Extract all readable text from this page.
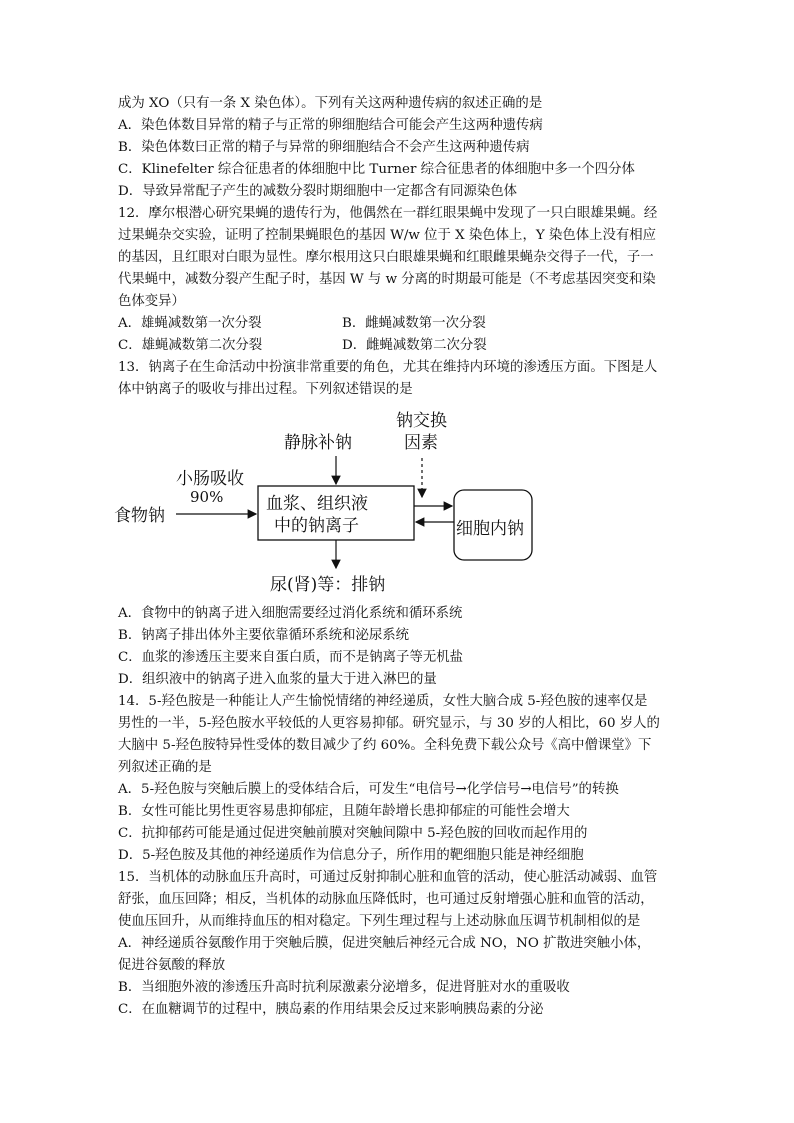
成为 XO（只有一条 X 染色体）。下列有关这两种遗传病的叙述正确的是
A．染色体数目异常的精子与正常的卵细胞结合可能会产生这两种遗传病
B．染色体数曰正常的精子与异常的卵细胞结合不会产生这两种遗传病
C．Klinefelter 综合征患者的体细胞中比 Turner 综合征患者的体细胞中多一个四分体
D．导致异常配子产生的减数分裂时期细胞中一定都含有同源染色体
12．摩尔根潜心研究果蝇的遗传行为，他偶然在一群红眼果蝇中发现了一只白眼雄果蝇。经
过果蝇杂交实验，证明了控制果蝇眼色的基因 W/w 位于 X 染色体上，Y 染色体上没有相应
的基因，且红眼对白眼为显性。摩尔根用这只白眼雄果蝇和红眼雌果蝇杂交得子一代，子一
代果蝇中，减数分裂产生配子时，基因 W 与 w 分离的时期最可能是（不考虑基因突变和染
色体变异）
A．雄蝇减数第一次分裂	B．雌蝇减数第一次分裂
C．雄蝇减数第二次分裂	D．雌蝇减数第二次分裂
13．钠离子在生命活动中扮演非常重要的角色，尤其在维持内环境的渗透压方面。下图是人
体中钠离子的吸收与排出过程。下列叙述错误的是
静脉补钠
钠交换
因素
小肠吸收
90%
食物钠
血浆、组织液
中的钠离子	细胞内钠
尿(肾)等：排钠
A．食物中的钠离子进入细胞需要经过消化系统和循环系统
B．钠离子排出体外主要依靠循环系统和泌尿系统
C．血浆的渗透压主要来自蛋白质，而不是钠离子等无机盐
D．组织液中的钠离子进入血浆的量大于进入淋巴的量
14．5-羟色胺是一种能让人产生愉悦情绪的神经递质，女性大脑合成 5-羟色胺的速率仅是
男性的一半，5-羟色胺水平较低的人更容易抑郁。研究显示，与 30 岁的人相比，60 岁人的
大脑中 5-羟色胺特异性受体的数目减少了约 60%。全科免费下载公众号《高中僧课堂》下
列叙述正确的是
A．5-羟色胺与突触后膜上的受体结合后，可发生“电信号→化学信号→电信号”的转换
B．女性可能比男性更容易患抑郁症，且随年龄增长患抑郁症的可能性会增大
C．抗抑郁药可能是通过促进突触前膜对突触间隙中 5-羟色胺的回收而起作用的
D．5-羟色胺及其他的神经递质作为信息分子，所作用的靶细胞只能是神经细胞
15．当机体的动脉血压升高时，可通过反射抑制心脏和血管的活动，使心脏活动减弱、血管
舒张，血压回降；相反，当机体的动脉血压降低时，也可通过反射增强心脏和血管的活动，
使血压回升，从而维持血压的相对稳定。下列生理过程与上述动脉血压调节机制相似的是
A．神经递质谷氨酸作用于突触后膜，促进突触后神经元合成 NO，NO 扩散进突触小体，
促进谷氨酸的释放
B．当细胞外液的渗透压升高时抗利尿激素分泌增多，促进肾脏对水的重吸收
C．在血糖调节的过程中，胰岛素的作用结果会反过来影响胰岛素的分泌
